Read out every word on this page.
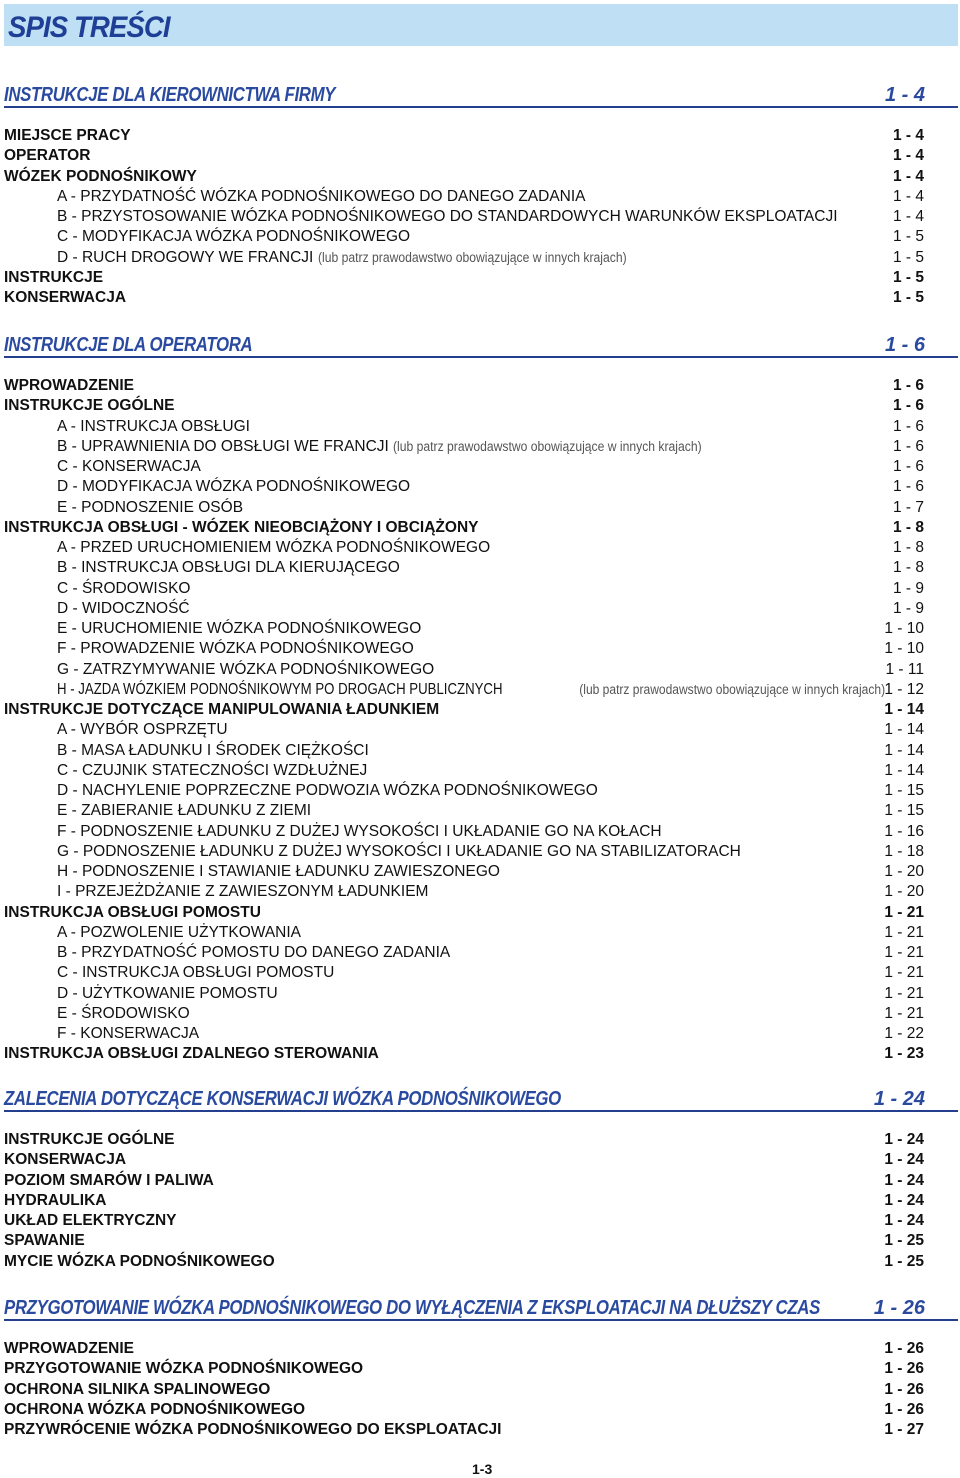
SPIS TREŚCI
INSTRUKCJE DLA KIEROWNICTWA FIRMY	1 - 4
MIEJSCE PRACY	1 - 4
OPERATOR	1 - 4
WÓZEK PODNOŚNIKOWY	1 - 4
A - PRZYDATNOŚĆ WÓZKA PODNOŚNIKOWEGO DO DANEGO ZADANIA	1 - 4
B - PRZYSTOSOWANIE WÓZKA PODNOŚNIKOWEGO DO STANDARDOWYCH WARUNKÓW EKSPLOATACJI	1 - 4
C - MODYFIKACJA WÓZKA PODNOŚNIKOWEGO	1 - 5
D - RUCH DROGOWY WE FRANCJI (lub patrz prawodawstwo obowiązujące w innych krajach)	1 - 5
INSTRUKCJE	1 - 5
KONSERWACJA	1 - 5
INSTRUKCJE DLA OPERATORA	1 - 6
WPROWADZENIE	1 - 6
INSTRUKCJE OGÓLNE	1 - 6
A - INSTRUKCJA OBSŁUGI	1 - 6
B - UPRAWNIENIA DO OBSŁUGI WE FRANCJI (lub patrz prawodawstwo obowiązujące w innych krajach)	1 - 6
C - KONSERWACJA	1 - 6
D - MODYFIKACJA WÓZKA PODNOŚNIKOWEGO	1 - 6
E - PODNOSZENIE OSÓB	1 - 7
INSTRUKCJA OBSŁUGI - WÓZEK NIEOBCIĄŻONY I OBCIĄŻONY	1 - 8
A - PRZED URUCHOMIENIEM WÓZKA PODNOŚNIKOWEGO	1 - 8
B - INSTRUKCJA OBSŁUGI DLA KIERUJĄCEGO	1 - 8
C - ŚRODOWISKO	1 - 9
D - WIDOCZNOŚĆ	1 - 9
E - URUCHOMIENIE WÓZKA PODNOŚNIKOWEGO	1 - 10
F - PROWADZENIE WÓZKA PODNOŚNIKOWEGO	1 - 10
G - ZATRZYMYWANIE WÓZKA PODNOŚNIKOWEGO	1 - 11
H - JAZDA WÓZKIEM PODNOŚNIKOWYM PO DROGACH PUBLICZNYCH	(lub patrz prawodawstwo obowiązujące w innych krajach) 1 - 12
INSTRUKCJE DOTYCZĄCE MANIPULOWANIA ŁADUNKIEM	1 - 14
A - WYBÓR OSPRZĘTU	1 - 14
B - MASA ŁADUNKU I ŚRODEK CIĘŻKOŚCI	1 - 14
C - CZUJNIK STATECZNOŚCI WZDŁUŻNEJ	1 - 14
D - NACHYLENIE POPRZECZNE PODWOZIA WÓZKA PODNOŚNIKOWEGO	1 - 15
E - ZABIERANIE ŁADUNKU Z ZIEMI	1 - 15
F - PODNOSZENIE ŁADUNKU Z DUŻEJ WYSOKOŚCI I UKŁADANIE GO NA KOŁACH	1 - 16
G - PODNOSZENIE ŁADUNKU Z DUŻEJ WYSOKOŚCI I UKŁADANIE GO NA STABILIZATORACH	1 - 18
H - PODNOSZENIE I STAWIANIE ŁADUNKU ZAWIESZONEGO	1 - 20
I - PRZEJEŻDŻANIE Z ZAWIESZONYM ŁADUNKIEM	1 - 20
INSTRUKCJA OBSŁUGI POMOSTU	1 - 21
A - POZWOLENIE UŻYTKOWANIA	1 - 21
B - PRZYDATNOŚĆ POMOSTU DO DANEGO ZADANIA	1 - 21
C - INSTRUKCJA OBSŁUGI POMOSTU	1 - 21
D - UŻYTKOWANIE POMOSTU	1 - 21
E - ŚRODOWISKO	1 - 21
F - KONSERWACJA	1 - 22
INSTRUKCJA OBSŁUGI ZDALNEGO STEROWANIA	1 - 23
ZALECENIA DOTYCZĄCE KONSERWACJI WÓZKA PODNOŚNIKOWEGO	1 - 24
INSTRUKCJE OGÓLNE	1 - 24
KONSERWACJA	1 - 24
POZIOM SMARÓW I PALIWA	1 - 24
HYDRAULIKA	1 - 24
UKŁAD ELEKTRYCZNY	1 - 24
SPAWANIE	1 - 25
MYCIE WÓZKA PODNOŚNIKOWEGO	1 - 25
PRZYGOTOWANIE WÓZKA PODNOŚNIKOWEGO DO WYŁĄCZENIA Z EKSPLOATACJI NA DŁUŻSZY CZAS	1 - 26
WPROWADZENIE	1 - 26
PRZYGOTOWANIE WÓZKA PODNOŚNIKOWEGO	1 - 26
OCHRONA SILNIKA SPALINOWEGO	1 - 26
OCHRONA WÓZKA PODNOŚNIKOWEGO	1 - 26
PRZYWRÓCENIE WÓZKA PODNOŚNIKOWEGO DO EKSPLOATACJI	1 - 27
1-3
